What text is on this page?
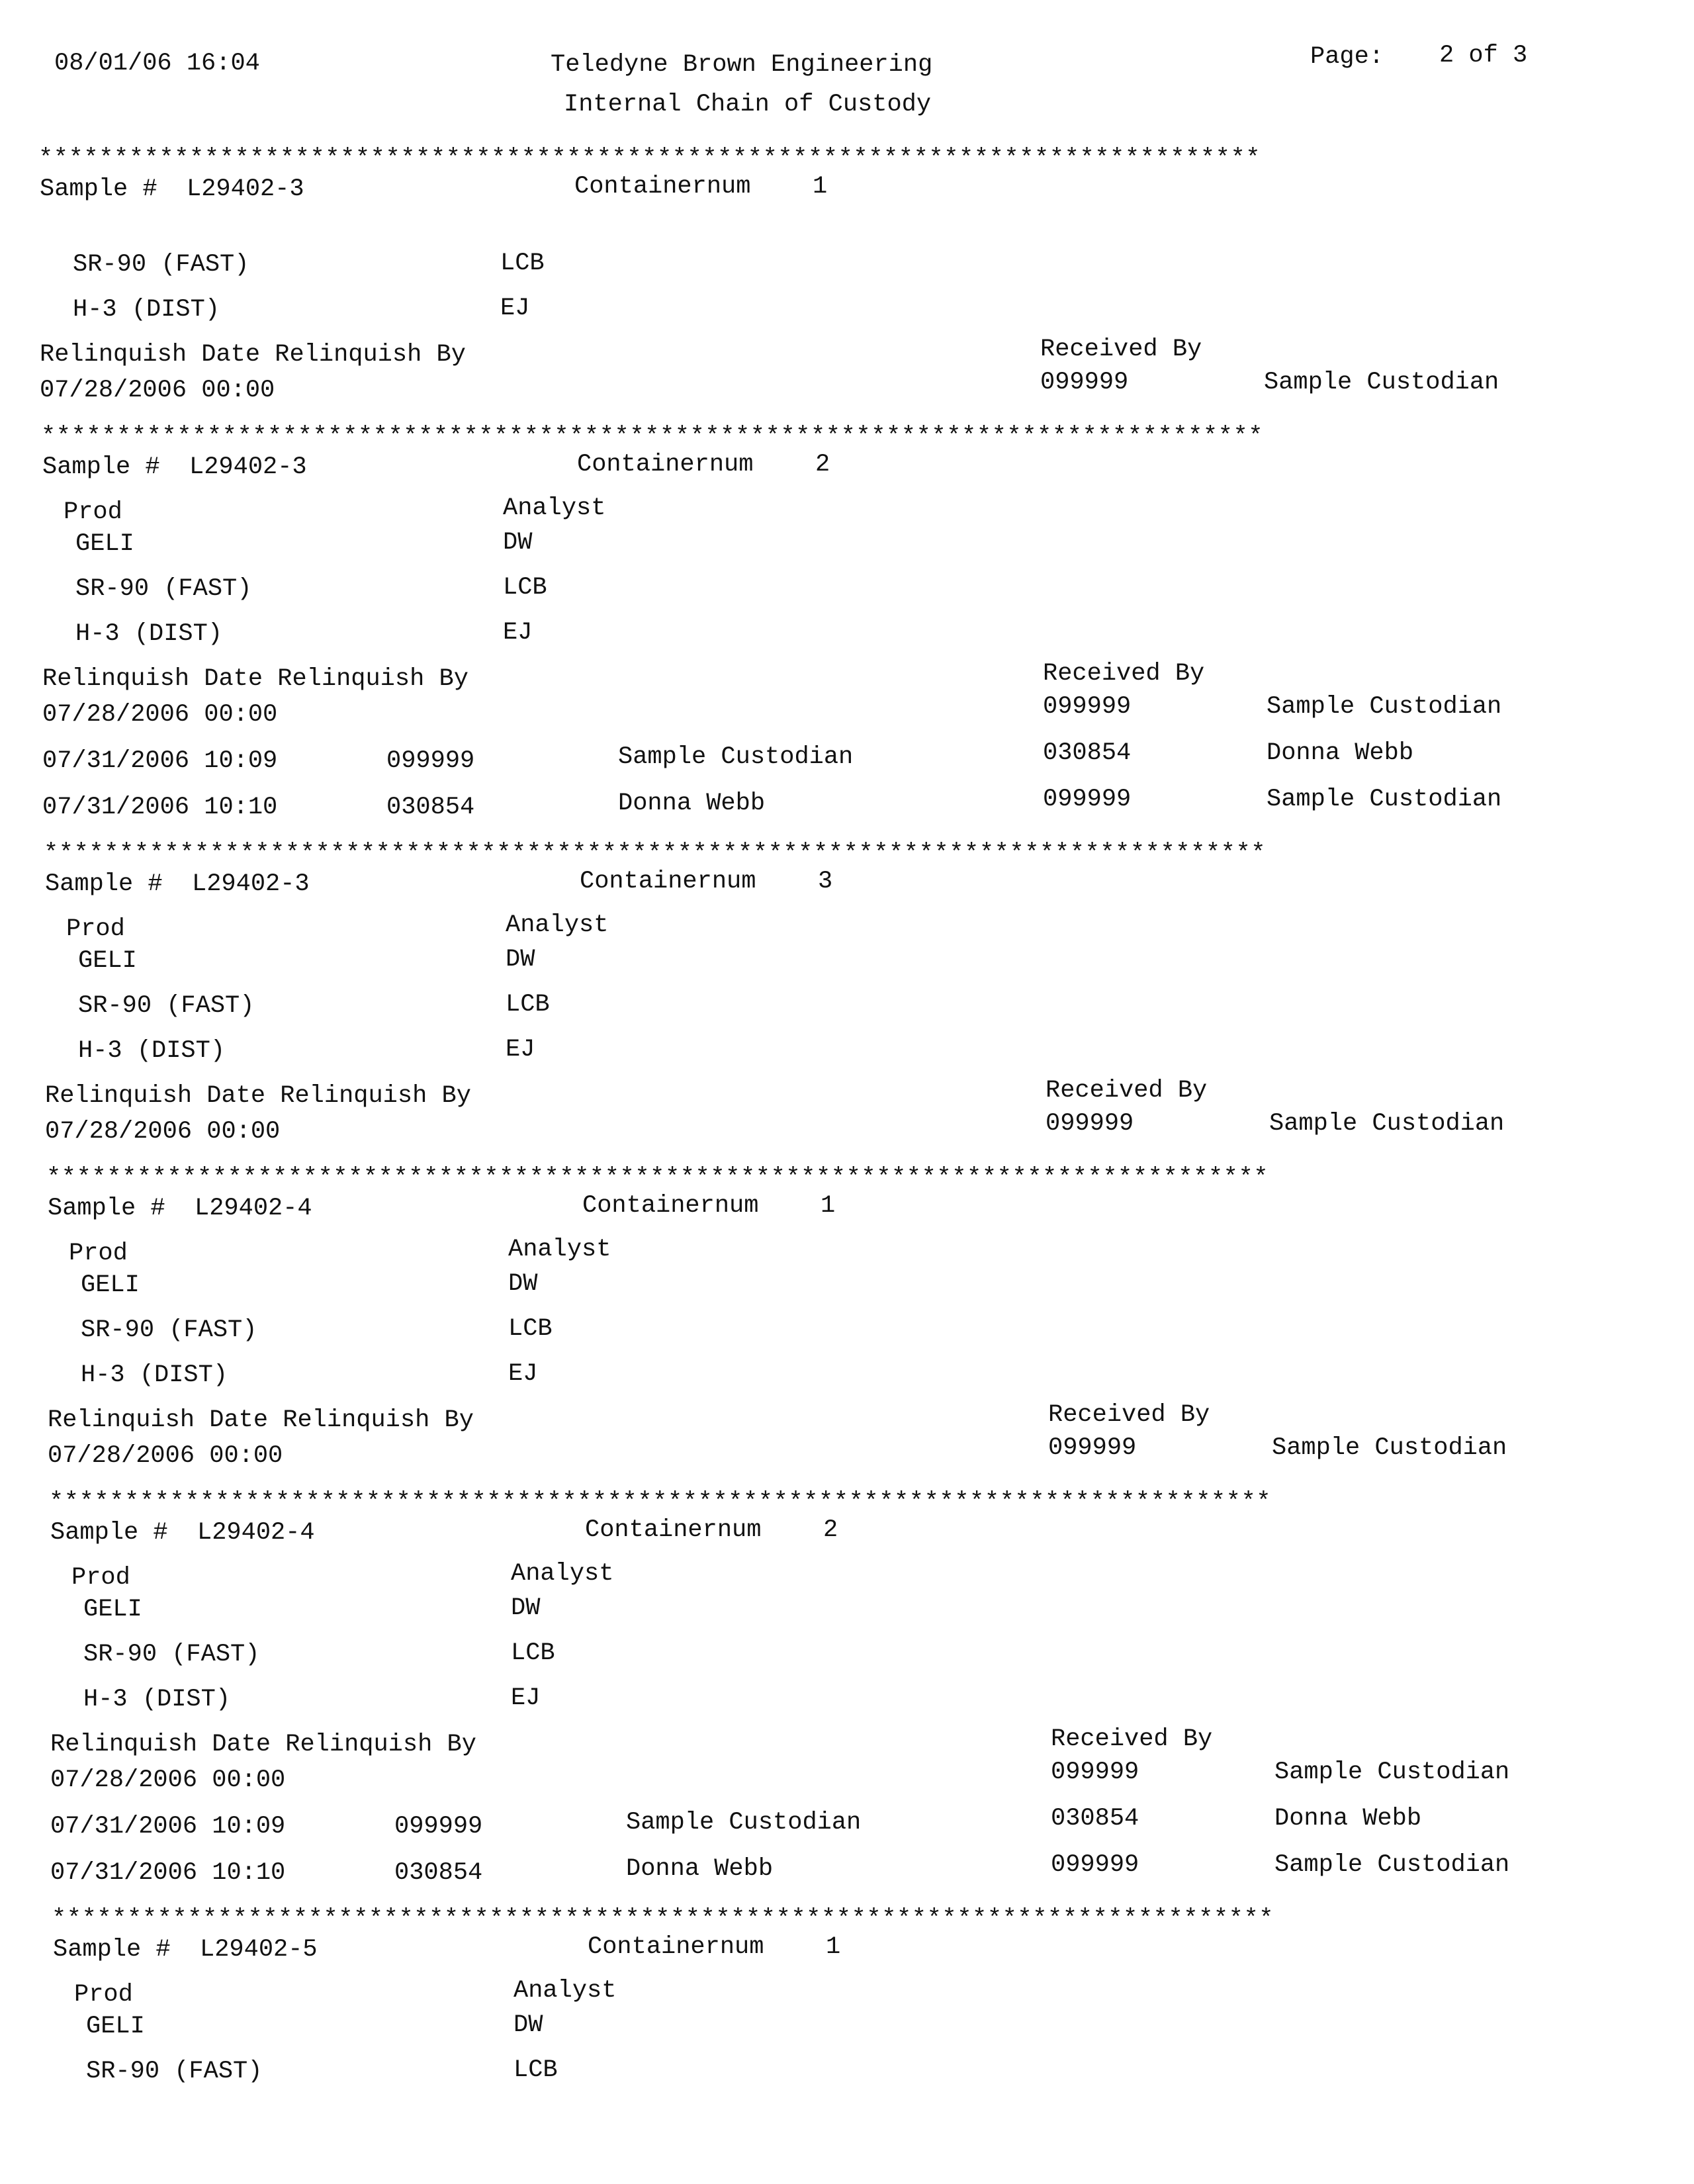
08/01/06 16:04	Teledyne Brown Engineering
Internal Chain of Custody
Page: 2 of 3
*********************************************************************************
Sample # L29402-3	Containernum	1
SR-90 (FAST)	LCB
H-3 (DIST)	EJ
Relinquish Date Relinquish By	Received By
07/28/2006 00:00	099999	Sample Custodian
*********************************************************************************
Sample # L29402-3	Containernum	2
Prod	Analyst
GELI	DW
SR-90 (FAST)	LCB
H-3 (DIST)	EJ
Relinquish Date Relinquish By	Received By
07/28/2006 00:00	099999	Sample Custodian
07/31/2006 10:09	099999	Sample Custodian	030854	Donna Webb
07/31/2006 10:10	030854	Donna Webb	099999	Sample Custodian
*********************************************************************************
Sample # L29402-3	Containernum	3
Prod	Analyst
GELI	DW
SR-90 (FAST)	LCB
H-3 (DIST)	EJ
Relinquish Date Relinquish By	Received By
07/28/2006 00:00	099999	Sample Custodian
*********************************************************************************
Sample # L29402-4	Containernum	1
Prod	Analyst
GELI	DW
SR-90 (FAST)	LCB
H-3 (DIST)	EJ
Relinquish Date Relinquish By	Received By
07/28/2006 00:00	099999	Sample Custodian
*********************************************************************************
Sample # L29402-4	Containernum	2
Prod	Analyst
GELI	DW
SR-90 (FAST)	LCB
H-3 (DIST)	EJ
Relinquish Date Relinquish By	Received By
07/28/2006 00:00	099999	Sample Custodian
07/31/2006 10:09	099999	Sample Custodian	030854	Donna Webb
07/31/2006 10:10	030854	Donna Webb	099999	Sample Custodian
*********************************************************************************
Sample # L29402-5	Containernum	1
Prod	Analyst
GELI	DW
SR-90 (FAST)	LCB
